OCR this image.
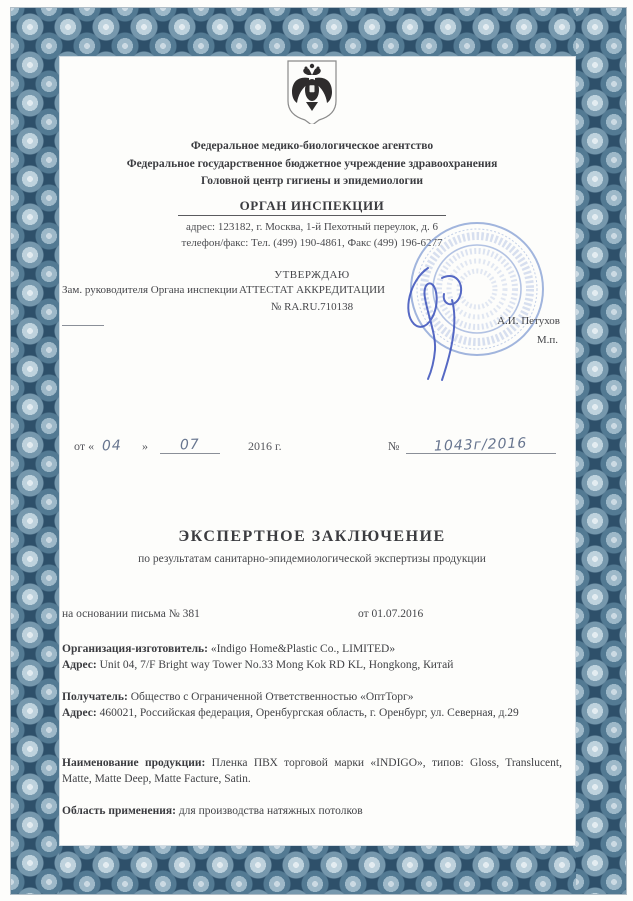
Федеральное медико-биологическое агентство
Федеральное государственное бюджетное учреждение здравоохранения
Головной центр гигиены и эпидемиологии
ОРГАН ИНСПЕКЦИИ
адрес: 123182, г. Москва, 1-й Пехотный переулок, д. 6
телефон/факс: Тел. (499) 190-4861, Факс (499) 196-6277
АТТЕСТАТ АККРЕДИТАЦИИ
№ RA.RU.710138
УТВЕРЖДАЮ
Зам. руководителя Органа инспекции
А.И. Петухов
М.п.
от « 04 »	07	2016 г.	№	1043г/2016
ЭКСПЕРТНОЕ ЗАКЛЮЧЕНИЕ
по результатам санитарно-эпидемиологической экспертизы продукции
на основании письма № 381	от 01.07.2016
Организация-изготовитель: «Indigo Home&Plastic Co., LIMITED»
Адрес: Unit 04, 7/F Bright way Tower No.33 Mong Kok RD KL, Hongkong, Китай
Получатель: Общество с Ограниченной Ответственностью «ОптТорг»
Адрес: 460021, Российская федерация, Оренбургская область, г. Оренбург, ул. Северная, д.29
Наименование продукции: Пленка ПВХ торговой марки «INDIGO», типов: Gloss, Translucent, Matte, Matte Deep, Matte Facture, Satin.
Область применения: для производства натяжных потолков
